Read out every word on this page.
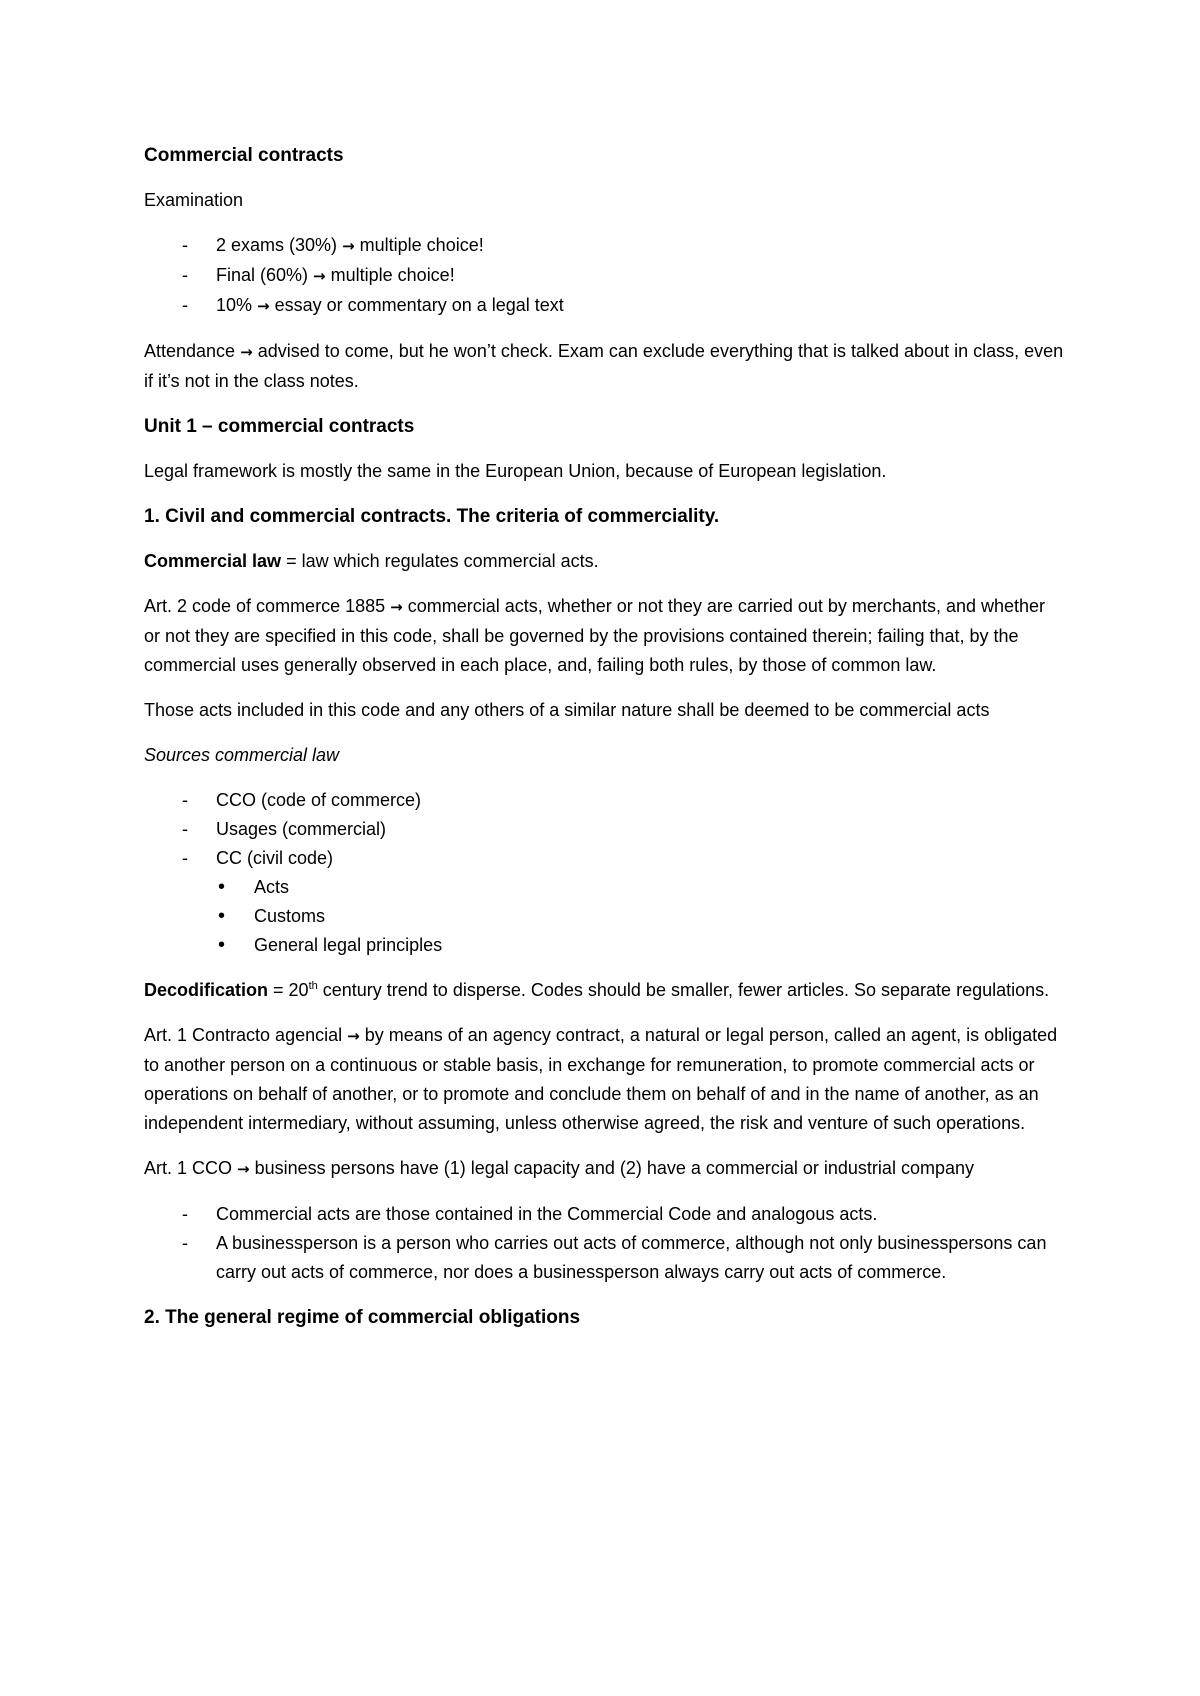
Commercial contracts

Examination

- 2 exams (30%) → multiple choice!
- Final (60%) → multiple choice!
- 10% → essay or commentary on a legal text

Attendance → advised to come, but he won’t check. Exam can exclude everything that is talked about in class, even if it’s not in the class notes.

Unit 1 – commercial contracts

Legal framework is mostly the same in the European Union, because of European legislation.

1. Civil and commercial contracts. The criteria of commerciality.

Commercial law = law which regulates commercial acts.

Art. 2 code of commerce 1885 → commercial acts, whether or not they are carried out by merchants, and whether or not they are specified in this code, shall be governed by the provisions contained therein; failing that, by the commercial uses generally observed in each place, and, failing both rules, by those of common law.

Those acts included in this code and any others of a similar nature shall be deemed to be commercial acts

Sources commercial law

- CCO (code of commerce)
- Usages (commercial)
- CC (civil code)
• Acts
• Customs
• General legal principles

Decodification = 20th century trend to disperse. Codes should be smaller, fewer articles. So separate regulations.

Art. 1 Contracto agencial → by means of an agency contract, a natural or legal person, called an agent, is obligated to another person on a continuous or stable basis, in exchange for remuneration, to promote commercial acts or operations on behalf of another, or to promote and conclude them on behalf of and in the name of another, as an independent intermediary, without assuming, unless otherwise agreed, the risk and venture of such operations.

Art. 1 CCO → business persons have (1) legal capacity and (2) have a commercial or industrial company

- Commercial acts are those contained in the Commercial Code and analogous acts.
- A businessperson is a person who carries out acts of commerce, although not only businesspersons can carry out acts of commerce, nor does a businessperson always carry out acts of commerce.

2. The general regime of commercial obligations
